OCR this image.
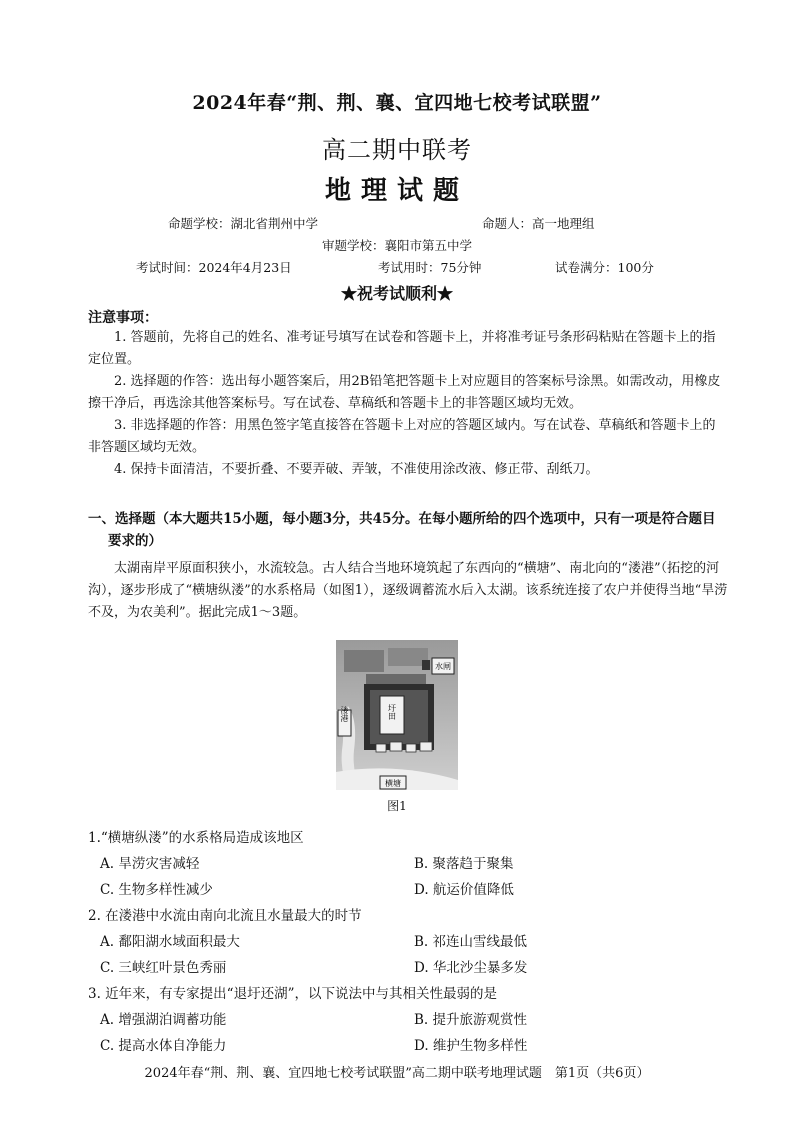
2024年春“荆、荆、襄、宜四地七校考试联盟”
高二期中联考
地理试题
命题学校：湖北省荆州中学	命题人：高一地理组
审题学校：襄阳市第五中学
考试时间：2024年4月23日	考试用时：75分钟	试卷满分：100分
★祝考试顺利★
注意事项：
1. 答题前，先将自己的姓名、准考证号填写在试卷和答题卡上，并将准考证号条形码粘贴在答题卡上的指定位置。
2. 选择题的作答：选出每小题答案后，用2B铅笔把答题卡上对应题目的答案标号涂黑。如需改动，用橡皮擦干净后，再选涂其他答案标号。写在试卷、草稿纸和答题卡上的非答题区域均无效。
3. 非选择题的作答：用黑色签字笔直接答在答题卡上对应的答题区域内。写在试卷、草稿纸和答题卡上的非答题区域均无效。
4. 保持卡面清洁，不要折叠、不要弄破、弄皱，不准使用涂改液、修正带、刮纸刀。
一、选择题（本大题共15小题，每小题3分，共45分。在每小题所给的四个选项中，只有一项是符合题目
要求的）
太湖南岸平原面积狭小，水流较急。古人结合当地环境筑起了东西向的“横塘”、南北向的“溇港”（拓挖的河沟），逐步形成了“横塘纵溇”的水系格局（如图1），逐级调蓄流水后入太湖。该系统连接了农户并使得当地“旱涝不及，为农美利”。据此完成1～3题。
水闸
圩田
溇港
横塘
图1
1.“横塘纵溇”的水系格局造成该地区
A. 旱涝灾害减轻	B. 聚落趋于聚集
C. 生物多样性减少	D. 航运价值降低
2. 在溇港中水流由南向北流且水量最大的时节
A. 鄱阳湖水域面积最大	B. 祁连山雪线最低
C. 三峡红叶景色秀丽	D. 华北沙尘暴多发
3. 近年来，有专家提出“退圩还湖”，以下说法中与其相关性最弱的是
A. 增强湖泊调蓄功能	B. 提升旅游观赏性
C. 提高水体自净能力	D. 维护生物多样性
2024年春“荆、荆、襄、宜四地七校考试联盟”高二期中联考地理试题　第1页（共6页）
